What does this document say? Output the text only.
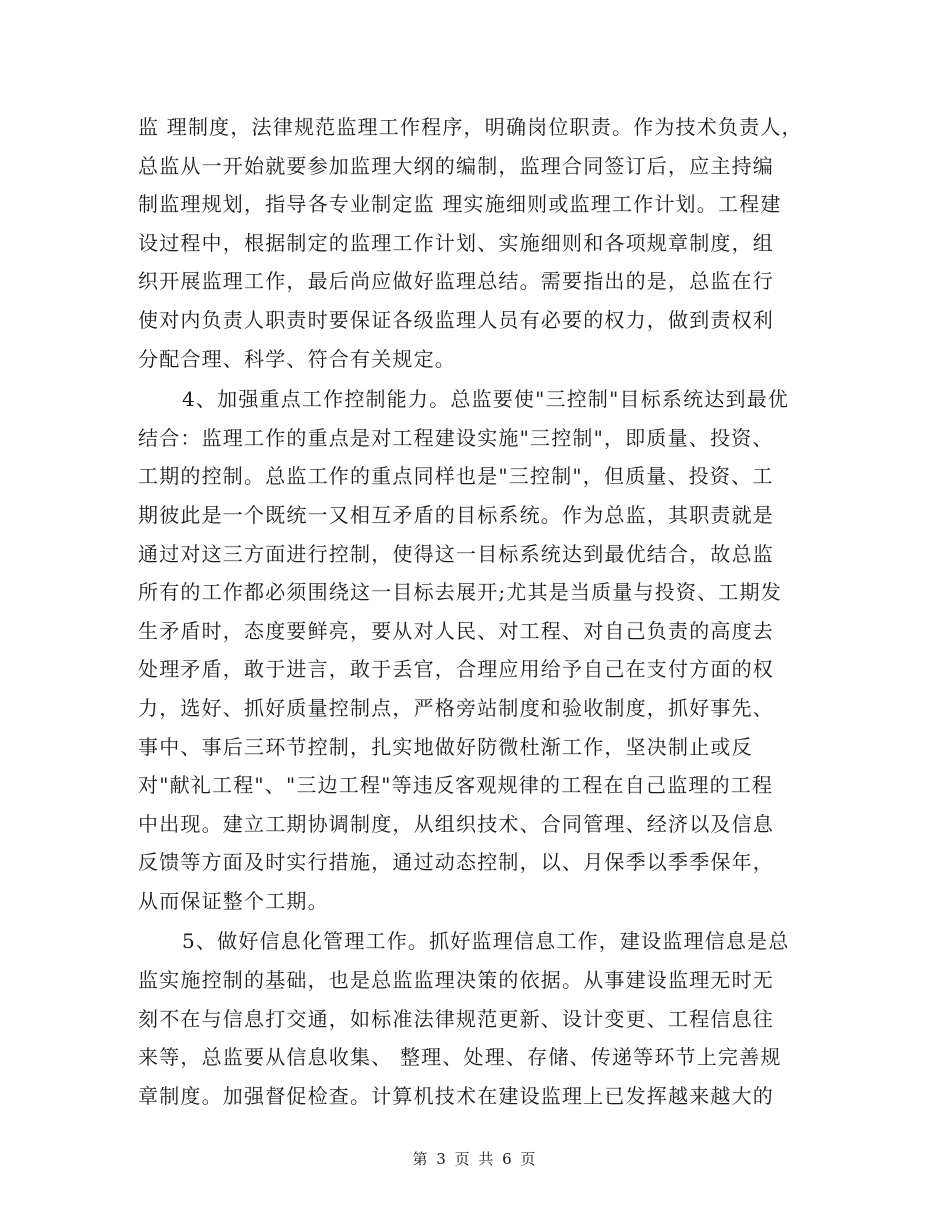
监 理制度，法律规范监理工作程序，明确岗位职责。作为技术负责人，
总监从一开始就要参加监理大纲的编制，监理合同签订后，应主持编
制监理规划，指导各专业制定监 理实施细则或监理工作计划。工程建
设过程中，根据制定的监理工作计划、实施细则和各项规章制度，组
织开展监理工作，最后尚应做好监理总结。需要指出的是，总监在行
使对内负责人职责时要保证各级监理人员有必要的权力，做到责权利
分配合理、科学、符合有关规定。
4、加强重点工作控制能力。总监要使"三控制"目标系统达到最优
结合：监理工作的重点是对工程建设实施"三控制"，即质量、投资、
工期的控制。总监工作的重点同样也是"三控制"，但质量、投资、工
期彼此是一个既统一又相互矛盾的目标系统。作为总监，其职责就是
通过对这三方面进行控制，使得这一目标系统达到最优结合，故总监
所有的工作都必须围绕这一目标去展开;尤其是当质量与投资、工期发
生矛盾时，态度要鲜亮，要从对人民、对工程、对自己负责的高度去
处理矛盾，敢于进言，敢于丢官，合理应用给予自己在支付方面的权
力，选好、抓好质量控制点，严格旁站制度和验收制度，抓好事先、
事中、事后三环节控制，扎实地做好防微杜渐工作，坚决制止或反
对"献礼工程"、"三边工程"等违反客观规律的工程在自己监理的工程
中出现。建立工期协调制度，从组织技术、合同管理、经济以及信息
反馈等方面及时实行措施，通过动态控制，以、月保季以季季保年，
从而保证整个工期。
5、做好信息化管理工作。抓好监理信息工作，建设监理信息是总
监实施控制的基础，也是总监监理决策的依据。从事建设监理无时无
刻不在与信息打交通，如标准法律规范更新、设计变更、工程信息往
来等，总监要从信息收集、 整理、处理、存储、传递等环节上完善规
章制度。加强督促检查。计算机技术在建设监理上已发挥越来越大的
第 3 页 共 6 页
